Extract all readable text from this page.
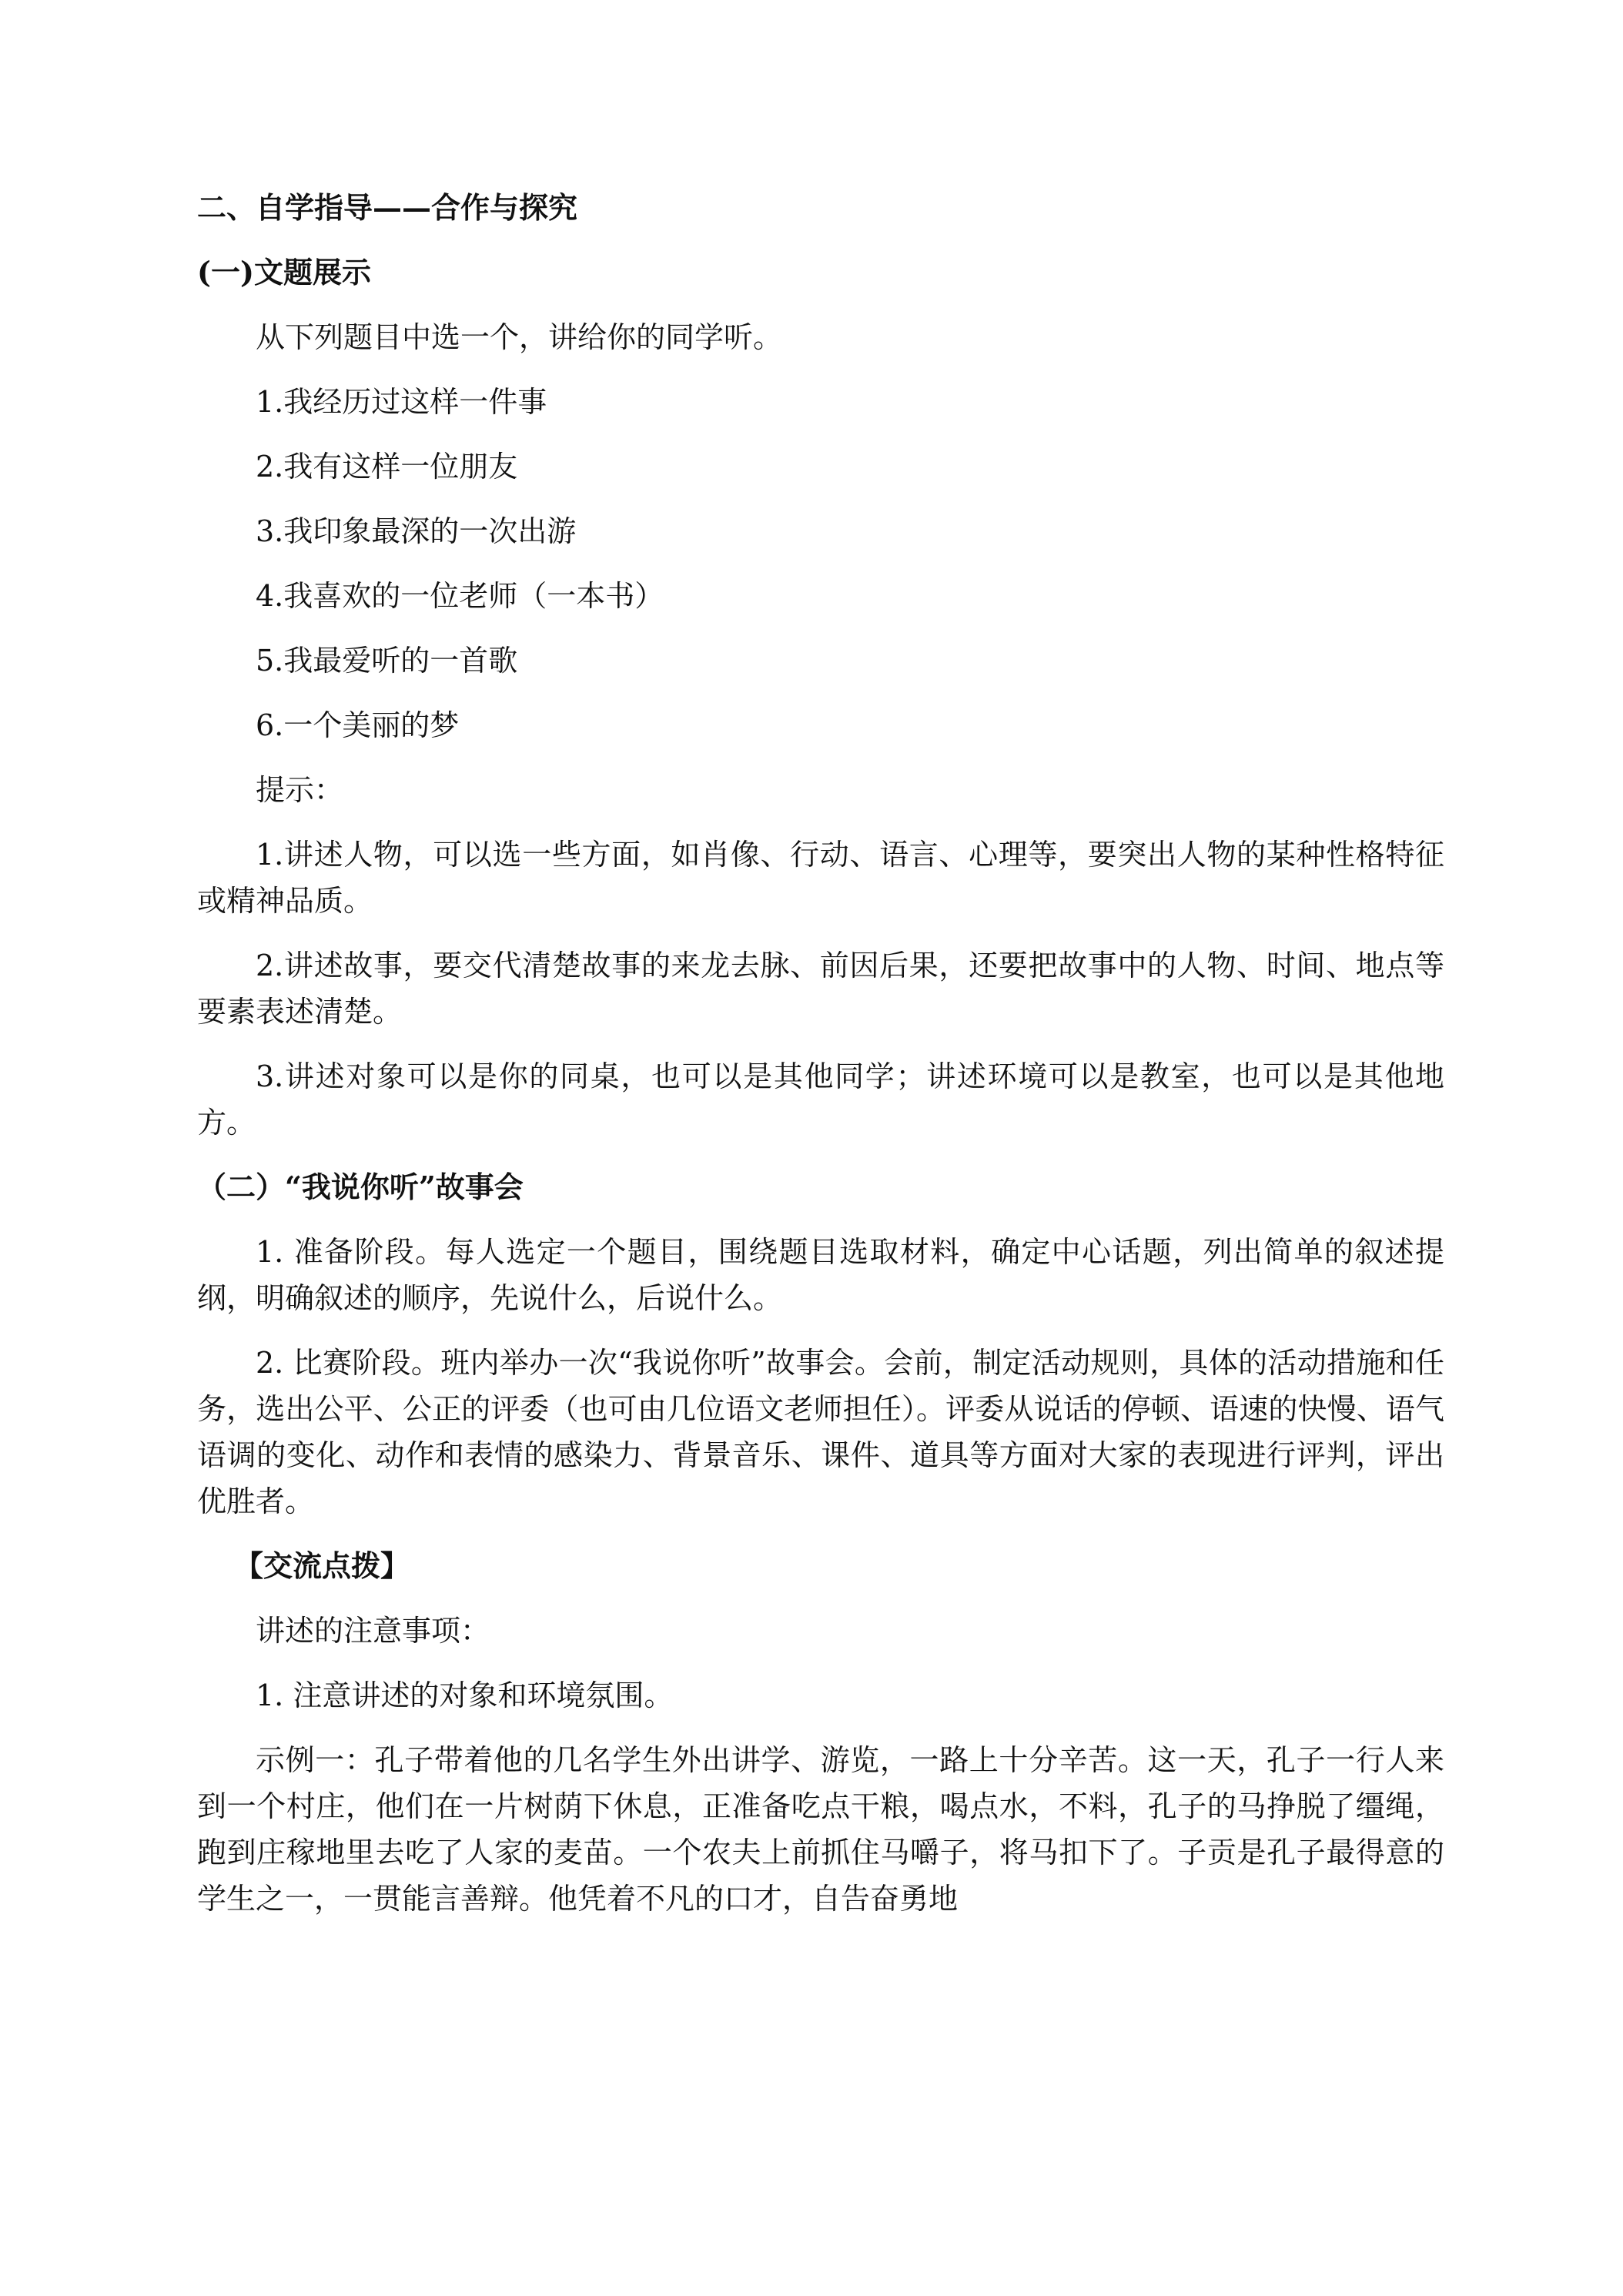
二、自学指导——合作与探究

(一)文题展示

从下列题目中选一个，讲给你的同学听。

1.我经历过这样一件事

2.我有这样一位朋友

3.我印象最深的一次出游

4.我喜欢的一位老师（一本书）

5.我最爱听的一首歌

6.一个美丽的梦

提示：

1.讲述人物，可以选一些方面，如肖像、行动、语言、心理等，要突出人物的某种性格特征或精神品质。

2.讲述故事，要交代清楚故事的来龙去脉、前因后果，还要把故事中的人物、时间、地点等要素表述清楚。

3.讲述对象可以是你的同桌，也可以是其他同学；讲述环境可以是教室，也可以是其他地方。

（二）“我说你听”故事会

1. 准备阶段。每人选定一个题目，围绕题目选取材料，确定中心话题，列出简单的叙述提纲，明确叙述的顺序，先说什么，后说什么。

2. 比赛阶段。班内举办一次“我说你听”故事会。会前，制定活动规则，具体的活动措施和任务，选出公平、公正的评委（也可由几位语文老师担任）。评委从说话的停顿、语速的快慢、语气语调的变化、动作和表情的感染力、背景音乐、课件、道具等方面对大家的表现进行评判，评出优胜者。

【交流点拨】

讲述的注意事项：

1. 注意讲述的对象和环境氛围。

示例一：孔子带着他的几名学生外出讲学、游览，一路上十分辛苦。这一天，孔子一行人来到一个村庄，他们在一片树荫下休息，正准备吃点干粮，喝点水，不料，孔子的马挣脱了缰绳，跑到庄稼地里去吃了人家的麦苗。一个农夫上前抓住马嚼子，将马扣下了。子贡是孔子最得意的学生之一，一贯能言善辩。他凭着不凡的口才，自告奋勇地
